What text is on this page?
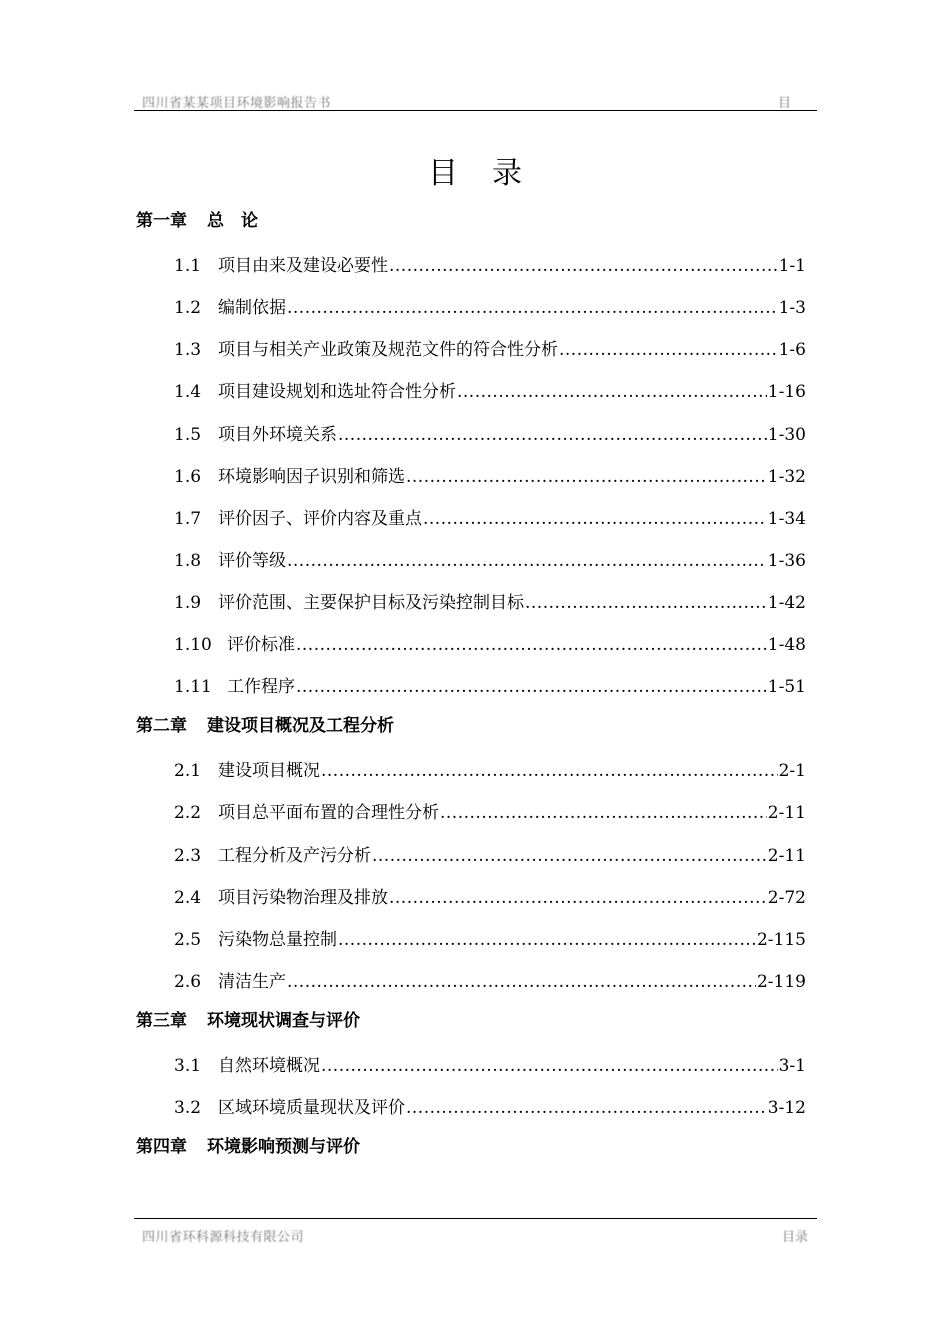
四川省某某项目环境影响报告书	目
目录
第一章 总　论
1.1 项目由来及建设必要性 .....	1-1
1.2 编制依据 .....	1-3
1.3 项目与相关产业政策及规范文件的符合性分析 .....	1-6
1.4 项目建设规划和选址符合性分析 .....	1-16
1.5 项目外环境关系 .....	1-30
1.6 环境影响因子识别和筛选 .....	1-32
1.7 评价因子、评价内容及重点 .....	1-34
1.8 评价等级 .....	1-36
1.9 评价范围、主要保护目标及污染控制目标 .....	1-42
1.10 评价标准 .....	1-48
1.11 工作程序 .....	1-51
第二章 建设项目概况及工程分析
2.1 建设项目概况 .....	2-1
2.2 项目总平面布置的合理性分析 .....	2-11
2.3 工程分析及产污分析 .....	2-11
2.4 项目污染物治理及排放 .....	2-72
2.5 污染物总量控制 .....	2-115
2.6 清洁生产 .....	2-119
第三章 环境现状调查与评价
3.1 自然环境概况 .....	3-1
3.2 区域环境质量现状及评价 .....	3-12
第四章 环境影响预测与评价
四川省环科源科技有限公司	目录
